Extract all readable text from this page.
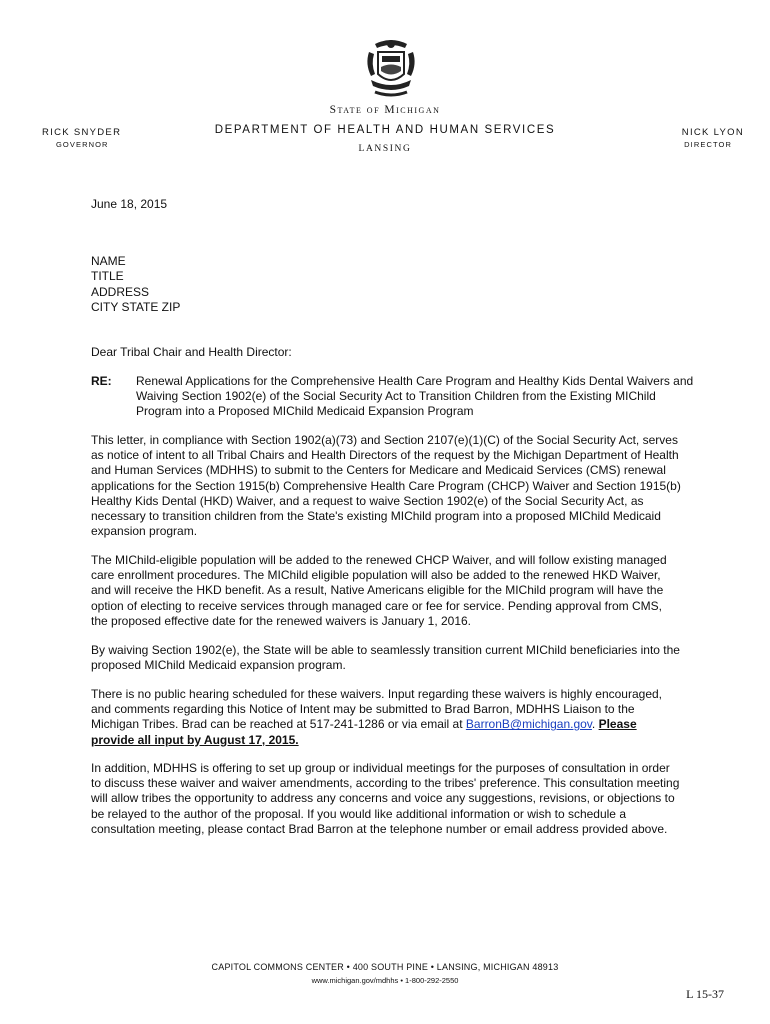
State of Michigan
DEPARTMENT OF HEALTH AND HUMAN SERVICES
LANSING
RICK SNYDER
GOVERNOR
NICK LYON
DIRECTOR
June 18, 2015
NAME
TITLE
ADDRESS
CITY STATE ZIP
Dear Tribal Chair and Health Director:
RE: Renewal Applications for the Comprehensive Health Care Program and Healthy Kids Dental Waivers and Waiving Section 1902(e) of the Social Security Act to Transition Children from the Existing MIChild Program into a Proposed MIChild Medicaid Expansion Program
This letter, in compliance with Section 1902(a)(73) and Section 2107(e)(1)(C) of the Social Security Act, serves as notice of intent to all Tribal Chairs and Health Directors of the request by the Michigan Department of Health and Human Services (MDHHS) to submit to the Centers for Medicare and Medicaid Services (CMS) renewal applications for the Section 1915(b) Comprehensive Health Care Program (CHCP) Waiver and Section 1915(b) Healthy Kids Dental (HKD) Waiver, and a request to waive Section 1902(e) of the Social Security Act, as necessary to transition children from the State's existing MIChild program into a proposed MIChild Medicaid expansion program.
The MIChild-eligible population will be added to the renewed CHCP Waiver, and will follow existing managed care enrollment procedures. The MIChild eligible population will also be added to the renewed HKD Waiver, and will receive the HKD benefit. As a result, Native Americans eligible for the MIChild program will have the option of electing to receive services through managed care or fee for service. Pending approval from CMS, the proposed effective date for the renewed waivers is January 1, 2016.
By waiving Section 1902(e), the State will be able to seamlessly transition current MIChild beneficiaries into the proposed MIChild Medicaid expansion program.
There is no public hearing scheduled for these waivers. Input regarding these waivers is highly encouraged, and comments regarding this Notice of Intent may be submitted to Brad Barron, MDHHS Liaison to the Michigan Tribes. Brad can be reached at 517-241-1286 or via email at BarronB@michigan.gov. Please provide all input by August 17, 2015.
In addition, MDHHS is offering to set up group or individual meetings for the purposes of consultation in order to discuss these waiver and waiver amendments, according to the tribes' preference. This consultation meeting will allow tribes the opportunity to address any concerns and voice any suggestions, revisions, or objections to be relayed to the author of the proposal. If you would like additional information or wish to schedule a consultation meeting, please contact Brad Barron at the telephone number or email address provided above.
CAPITOL COMMONS CENTER • 400 SOUTH PINE • LANSING, MICHIGAN 48913
www.michigan.gov/mdhhs • 1-800-292-2550
L 15-37
